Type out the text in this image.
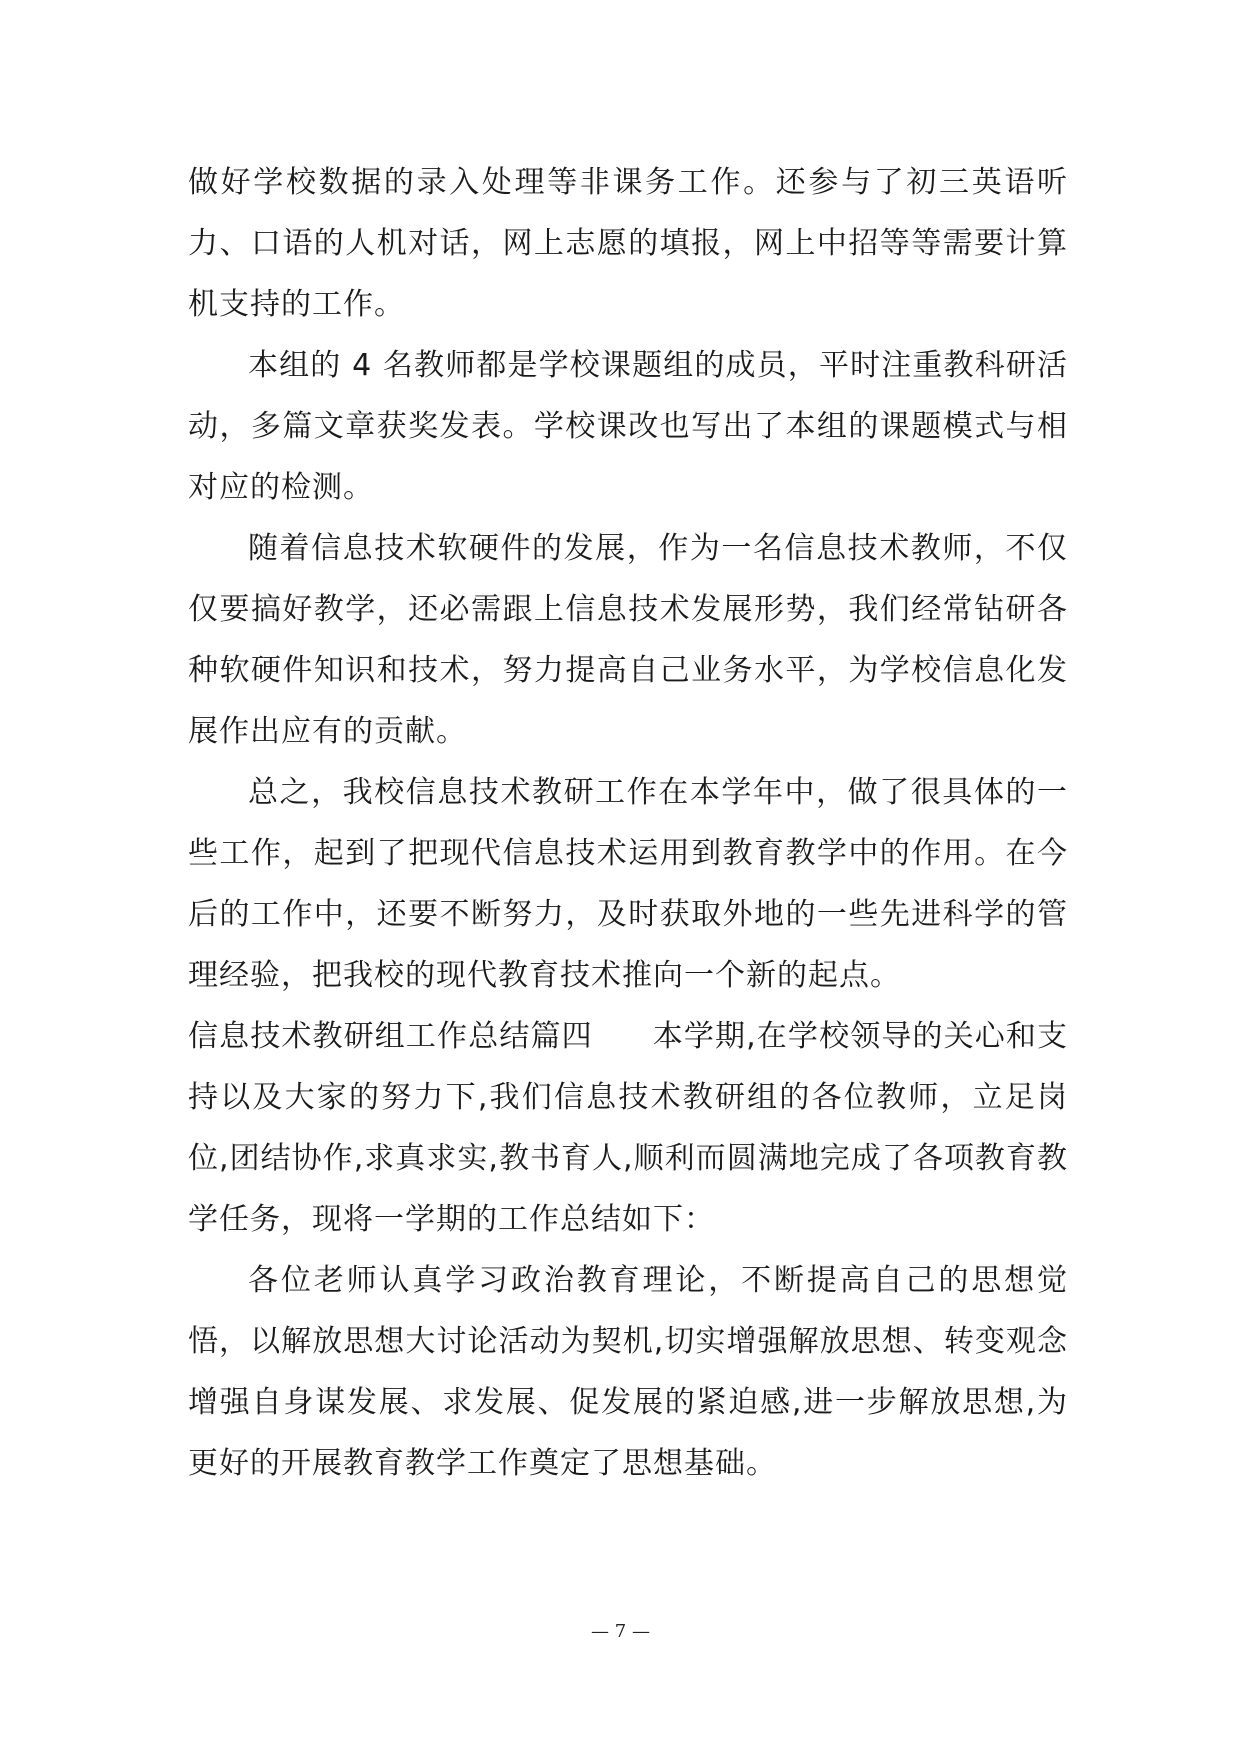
做好学校数据的录入处理等非课务工作。还参与了初三英语听力、口语的人机对话，网上志愿的填报，网上中招等等需要计算机支持的工作。

本组的 4 名教师都是学校课题组的成员，平时注重教科研活动，多篇文章获奖发表。学校课改也写出了本组的课题模式与相对应的检测。

随着信息技术软硬件的发展，作为一名信息技术教师，不仅仅要搞好教学，还必需跟上信息技术发展形势，我们经常钻研各种软硬件知识和技术，努力提高自己业务水平，为学校信息化发展作出应有的贡献。

总之，我校信息技术教研工作在本学年中，做了很具体的一些工作，起到了把现代信息技术运用到教育教学中的作用。在今后的工作中，还要不断努力，及时获取外地的一些先进科学的管理经验，把我校的现代教育技术推向一个新的起点。

信息技术教研组工作总结篇四 本学期,在学校领导的关心和支持以及大家的努力下,我们信息技术教研组的各位教师，立足岗位,团结协作,求真求实,教书育人,顺利而圆满地完成了各项教育教学任务，现将一学期的工作总结如下：

各位老师认真学习政治教育理论，不断提高自己的思想觉悟，以解放思想大讨论活动为契机,切实增强解放思想、转变观念增强自身谋发展、求发展、促发展的紧迫感,进一步解放思想,为更好的开展教育教学工作奠定了思想基础。

— 7 —
